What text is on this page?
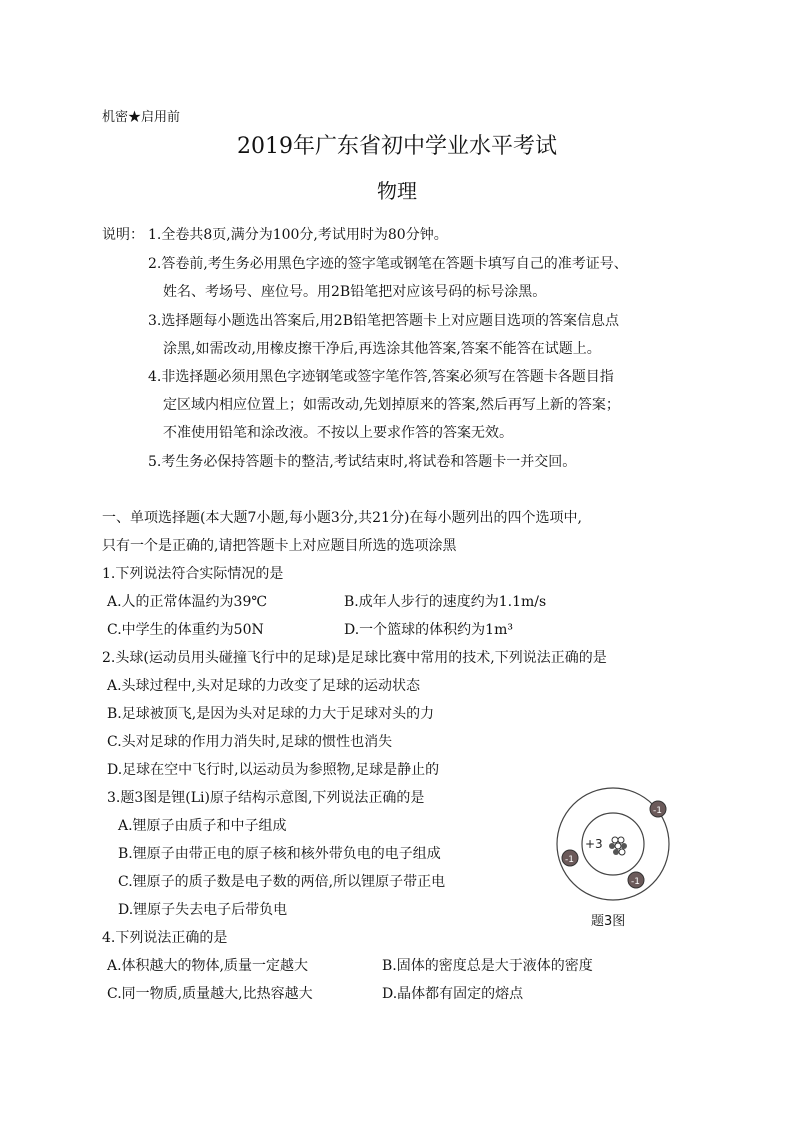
机密★启用前
2019年广东省初中学业水平考试
物理
说明： 1.全卷共8页,满分为100分,考试用时为80分钟。
2.答卷前,考生务必用黑色字迹的签字笔或钢笔在答题卡填写自己的准考证号、
姓名、考场号、座位号。用2B铅笔把对应该号码的标号涂黑。
3.选择题每小题选出答案后,用2B铅笔把答题卡上对应题目选项的答案信息点
涂黑,如需改动,用橡皮擦干净后,再选涂其他答案,答案不能答在试题上。
4.非选择题必须用黑色字迹钢笔或签字笔作答,答案必须写在答题卡各题目指
定区域内相应位置上；如需改动,先划掉原来的答案,然后再写上新的答案；
不准使用铅笔和涂改液。不按以上要求作答的答案无效。
5.考生务必保持答题卡的整洁,考试结束时,将试卷和答题卡一并交回。
一、单项选择题(本大题7小题,每小题3分,共21分)在每小题列出的四个选项中,
只有一个是正确的,请把答题卡上对应题目所选的选项涂黑
1.下列说法符合实际情况的是
A.人的正常体温约为39℃	B.成年人步行的速度约为1.1m/s
C.中学生的体重约为50N	D.一个篮球的体积约为1m³
2.头球(运动员用头碰撞飞行中的足球)是足球比赛中常用的技术,下列说法正确的是
A.头球过程中,头对足球的力改变了足球的运动状态
B.足球被顶飞,是因为头对足球的力大于足球对头的力
C.头对足球的作用力消失时,足球的惯性也消失
D.足球在空中飞行时,以运动员为参照物,足球是静止的
3.题3图是锂(Li)原子结构示意图,下列说法正确的是
A.锂原子由质子和中子组成
B.锂原子由带正电的原子核和核外带负电的电子组成
C.锂原子的质子数是电子数的两倍,所以锂原子带正电
D.锂原子失去电子后带负电
+3
-1
-1
-1
题3图
4.下列说法正确的是
A.体积越大的物体,质量一定越大	B.固体的密度总是大于液体的密度
C.同一物质,质量越大,比热容越大	D.晶体都有固定的熔点
